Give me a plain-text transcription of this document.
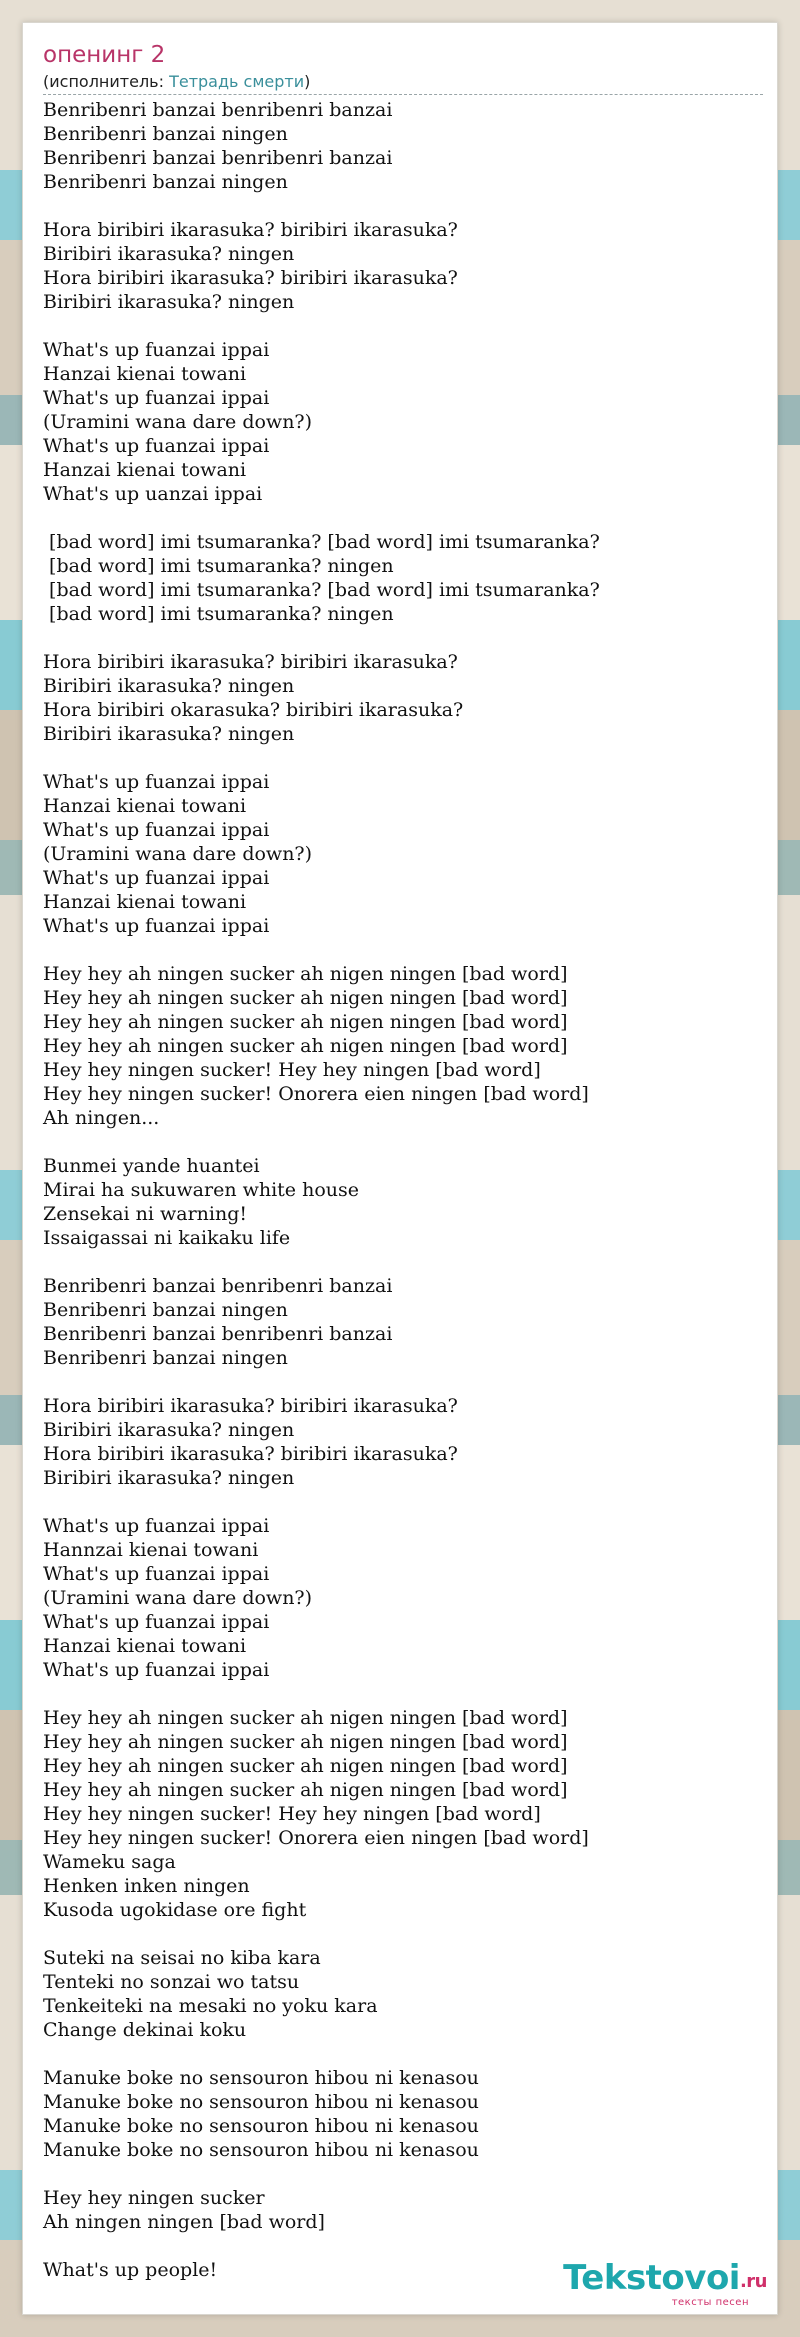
опенинг 2
(исполнитель: Тетрадь смерти)
Benribenri banzai benribenri banzai
Benribenri banzai ningen
Benribenri banzai benribenri banzai
Benribenri banzai ningen

Hora biribiri ikarasuka? biribiri ikarasuka?
Biribiri ikarasuka? ningen
Hora biribiri ikarasuka? biribiri ikarasuka?
Biribiri ikarasuka? ningen

What's up fuanzai ippai
Hanzai kienai towani
What's up fuanzai ippai
(Uramini wana dare down?)
What's up fuanzai ippai
Hanzai kienai towani
What's up uanzai ippai

[bad word] imi tsumaranka? [bad word] imi tsumaranka?
[bad word] imi tsumaranka? ningen
[bad word] imi tsumaranka? [bad word] imi tsumaranka?
[bad word] imi tsumaranka? ningen

Hora biribiri ikarasuka? biribiri ikarasuka?
Biribiri ikarasuka? ningen
Hora biribiri okarasuka? biribiri ikarasuka?
Biribiri ikarasuka? ningen

What's up fuanzai ippai
Hanzai kienai towani
What's up fuanzai ippai
(Uramini wana dare down?)
What's up fuanzai ippai
Hanzai kienai towani
What's up fuanzai ippai

Hey hey ah ningen sucker ah nigen ningen [bad word]
Hey hey ah ningen sucker ah nigen ningen [bad word]
Hey hey ah ningen sucker ah nigen ningen [bad word]
Hey hey ah ningen sucker ah nigen ningen [bad word]
Hey hey ningen sucker! Hey hey ningen [bad word]
Hey hey ningen sucker! Onorera eien ningen [bad word]
Ah ningen...

Bunmei yande huantei
Mirai ha sukuwaren white house
Zensekai ni warning!
Issaigassai ni kaikaku life

Benribenri banzai benribenri banzai
Benribenri banzai ningen
Benribenri banzai benribenri banzai
Benribenri banzai ningen

Hora biribiri ikarasuka? biribiri ikarasuka?
Biribiri ikarasuka? ningen
Hora biribiri ikarasuka? biribiri ikarasuka?
Biribiri ikarasuka? ningen

What's up fuanzai ippai
Hannzai kienai towani
What's up fuanzai ippai
(Uramini wana dare down?)
What's up fuanzai ippai
Hanzai kienai towani
What's up fuanzai ippai

Hey hey ah ningen sucker ah nigen ningen [bad word]
Hey hey ah ningen sucker ah nigen ningen [bad word]
Hey hey ah ningen sucker ah nigen ningen [bad word]
Hey hey ah ningen sucker ah nigen ningen [bad word]
Hey hey ningen sucker! Hey hey ningen [bad word]
Hey hey ningen sucker! Onorera eien ningen [bad word]
Wameku saga
Henken inken ningen
Kusoda ugokidase ore fight

Suteki na seisai no kiba kara
Tenteki no sonzai wo tatsu
Tenkeiteki na mesaki no yoku kara
Change dekinai koku

Manuke boke no sensouron hibou ni kenasou
Manuke boke no sensouron hibou ni kenasou
Manuke boke no sensouron hibou ni kenasou
Manuke boke no sensouron hibou ni kenasou

Hey hey ningen sucker
Ah ningen ningen [bad word]

What's up people!	Tekstovoi.ru
тексты песен
